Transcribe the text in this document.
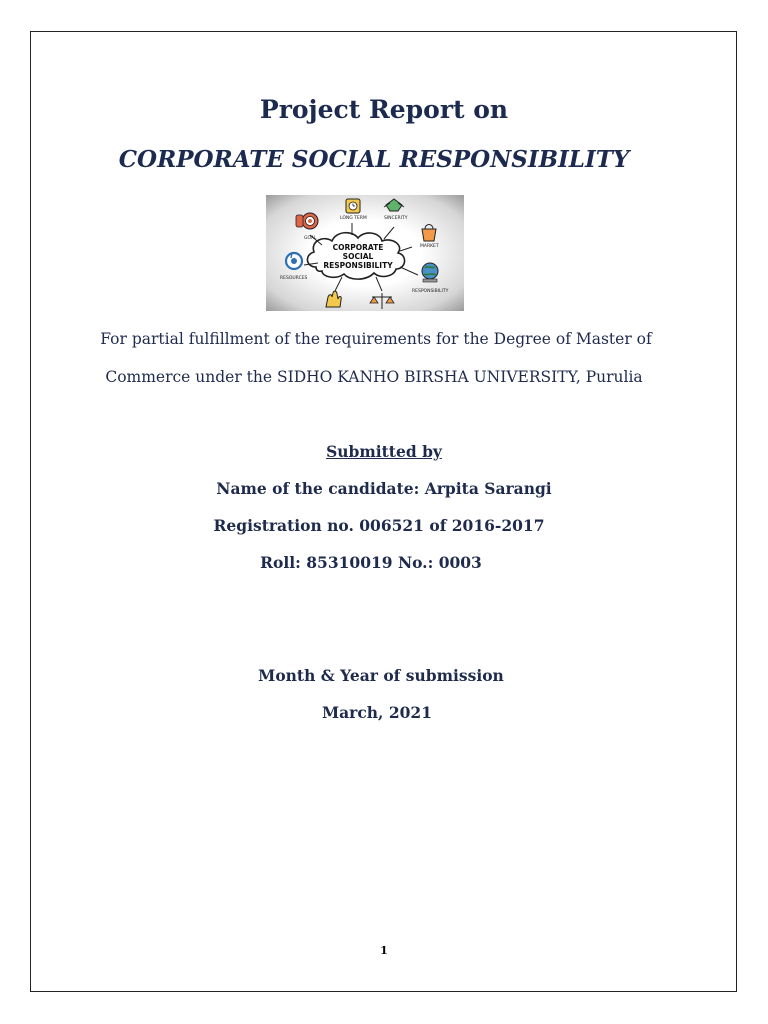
Project Report on
CORPORATE SOCIAL RESPONSIBILITY
CORPORATE
SOCIAL
RESPONSIBILITY
GOAL
LONG TERM	SINCERITY
MARKET
RESOURCES
RESPONSIBILITY
For partial fulfillment of the requirements for the Degree of Master of
Commerce under the SIDHO KANHO BIRSHA UNIVERSITY, Purulia
Submitted by
Name of the candidate: Arpita Sarangi
Registration no. 006521 of 2016-2017
Roll: 85310019 No.: 0003
Month & Year of submission
March, 2021
1
